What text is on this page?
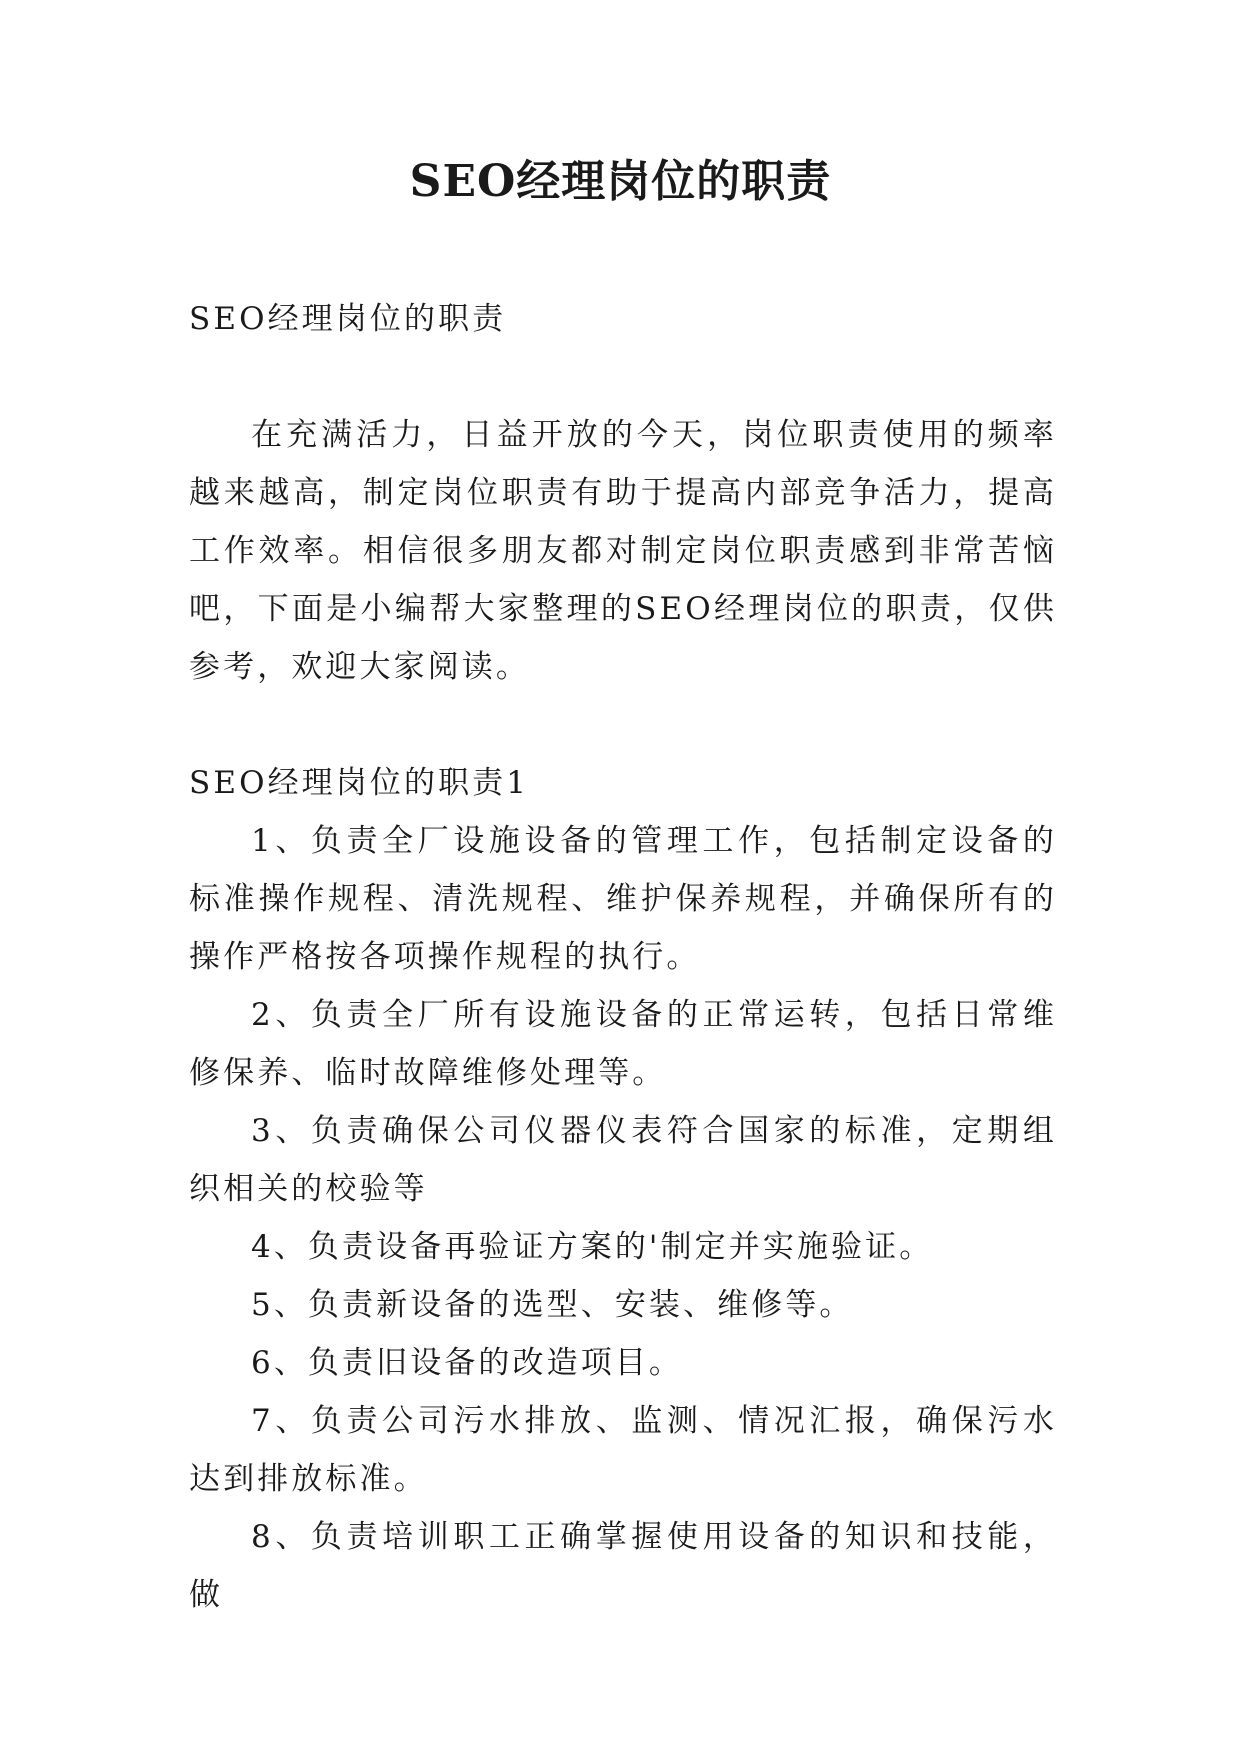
SEO经理岗位的职责

SEO经理岗位的职责

在充满活力，日益开放的今天，岗位职责使用的频率越来越高，制定岗位职责有助于提高内部竞争活力，提高工作效率。相信很多朋友都对制定岗位职责感到非常苦恼吧，下面是小编帮大家整理的SEO经理岗位的职责，仅供参考，欢迎大家阅读。

SEO经理岗位的职责1

1、负责全厂设施设备的管理工作，包括制定设备的标准操作规程、清洗规程、维护保养规程，并确保所有的操作严格按各项操作规程的执行。

2、负责全厂所有设施设备的正常运转，包括日常维修保养、临时故障维修处理等。

3、负责确保公司仪器仪表符合国家的标准，定期组织相关的校验等

4、负责设备再验证方案的'制定并实施验证。

5、负责新设备的选型、安装、维修等。

6、负责旧设备的改造项目。

7、负责公司污水排放、监测、情况汇报，确保污水达到排放标准。

8、负责培训职工正确掌握使用设备的知识和技能，做
